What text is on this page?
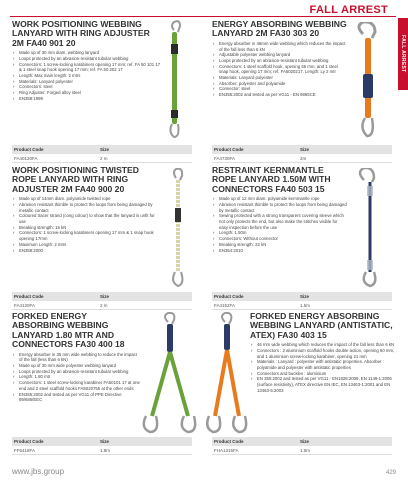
FALL ARREST
FALL ARREST
WORK POSITIONING WEBBING LANYARD WITH RING ADJUSTER 2M FA40 901 20
› Made up of 30 mm diam. webbing lanyard
› Loops protected by an abrasion-resistant tubular webbing
› Connectors: 1 screw-locking karabiners opening 17 mm; ref. FA 50 101 17 & 1 steel snap hook opening 17 mm; ref. FA 50 202 17
› Length: Max main length: 2 mtrs
› Materials: Lanyard polyester
› Connectors: steel
› Ring Adjuster: Forged alloy steel
› EN358:1999
Product Code	Size
FA40120FA	2 m
ENERGY ABSORBING WEBBING LANYARD 2M FA30 303 20
› Energy absorber in 46mm wide webbing which reduces the impact of the fall less than 6 kN
› Adjustable polyester webbing lanyard
› Loops protected by an abrasion-resistant tubular webbing
› Connectors: 1 steel scaffold hook, opening 55 mm, and 1 steel snap hook, opening 17 mm; ref. FA5020217. Length: Ly 2 mtr
› Materials: Lanyard polyester
› Absorber: polyester and polyamide
› Connector: steel
› EN355:2002 and tested as per VG11 - EN 9865CE
Product Code	Size
FA4730FA	2m
WORK POSITIONING TWISTED ROPE LANYARD WITH RING ADJUSTER 2M FA40 900 20
› Made up of 14mm diam. polyamide twisted rope
› Abrasion resistant thimble to protect the loops from being damaged by metallic contact
› Coloured tracer strand (cong colour) to show that the lanyard is unfit for use
› Breaking strength: 15 kN
› Connectors: 1 screw-locking karabiners opening 17 mm & 1 snap hook opening 17mm
› Maximum Length: 2 mtrs
› EN358:2000
Product Code	Size
FA4120FA	2 m
RESTRAINT KERNMANTLE ROPE LANYARD 1.50M WITH CONNECTORS FA40 503 15
› Made up of 12 mm diam. polyamide kernmantle rope
› Abrasion resistant thimble to protect the loops from being damaged by metallic contact
› Sewing protected with a strong transparent covering sleeve which not only protects the end, but also make the stitches visible for easy inspection before the use
› Length: 1.50m
› Connectors: Without connector
› Breaking strength: 22 kN
› EN354:2010
Product Code	Size
FA4152FA	1.5m
FORKED ENERGY ABSORBING WEBBING LANYARD 1.80 MTR AND CONNECTORS FA30 400 18
› Energy absorber in 35 mm wide webbing to reduce the impact of the fall (less than 6 kN)
› Made up of 30 mm wide polyester webbing lanyard
› Loops protected by an abrasion-resistant tubular webbing
› Length: 1.80 mtr
› Connectors: 1 steel screw-locking karabiner FA50101 17 at one end and 2 steel scaffold hooks FA5020755 at the other ends
› EN355:2002 and tested as per VG11 of PPE Directive 89/686/EEC
Product Code	Size
FF6418FA	1.8m
FORKED ENERGY ABSORBING WEBBING LANYARD (ANTISTATIC, ATEX) FA30 403 15
› 46 mm wide webbing which reduces the impact of the fall less than 6 kN
› Connectors : 2 aluminium scaffold hooks double action, opening 60 mm, and 1 aluminium screw-locking karabiner, opening 21 mm
› Materials : Lanyard : polyester with antistatic properties. Absorber : polyamide and polyester with antistatic properties
› Connectors and buckles : aluminium
› EN 355:2002 and tested as per VG11 - EN1828:2009, EN 1149-1:2006 (surface resistivity), ATEX directive EN IEC, EN 13463-1:2001 and EN 13463-5:2003
Product Code	Size
FHA1315FA	1.5m
www.jbs.group	429
